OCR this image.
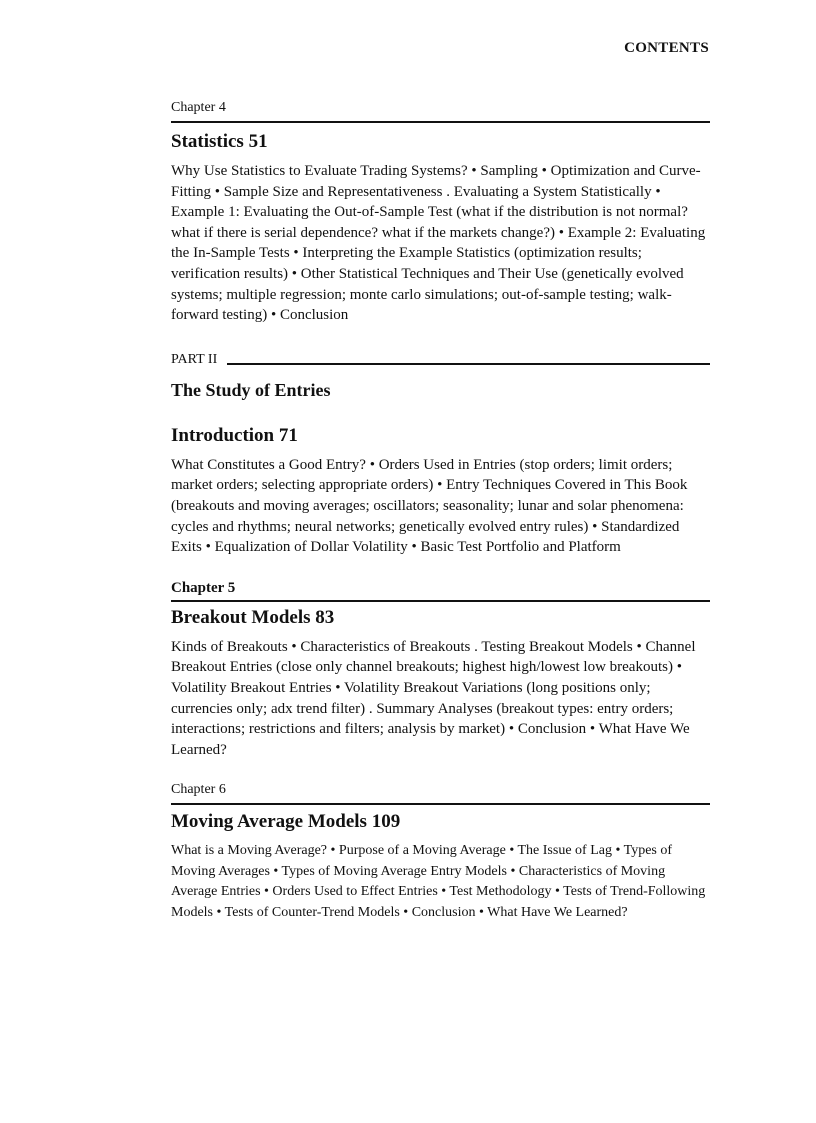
CONTENTS
Chapter 4
Statistics 51
Why Use Statistics to Evaluate Trading Systems? • Sampling • Optimization and Curve-Fitting • Sample Size and Representativeness . Evaluating a System Statistically • Example 1: Evaluating the Out-of-Sample Test (what if the distribution is not normal? what if there is serial dependence? what if the markets change?) • Example 2: Evaluating the In-Sample Tests • Interpreting the Example Statistics (optimization results; verification results) • Other Statistical Techniques and Their Use (genetically evolved systems; multiple regression; monte carlo simulations; out-of-sample testing; walk-forward testing) • Conclusion
PART II
The Study of Entries
Introduction 71
What Constitutes a Good Entry? • Orders Used in Entries (stop orders; limit orders; market orders; selecting appropriate orders) • Entry Techniques Covered in This Book (breakouts and moving averages; oscillators; seasonality; lunar and solar phenomena: cycles and rhythms; neural networks; genetically evolved entry rules) • Standardized Exits • Equalization of Dollar Volatility • Basic Test Portfolio and Platform
Chapter 5
Breakout Models 83
Kinds of Breakouts • Characteristics of Breakouts . Testing Breakout Models • Channel Breakout Entries (close only channel breakouts; highest high/lowest low breakouts) • Volatility Breakout Entries • Volatility Breakout Variations (long positions only; currencies only; adx trend filter) . Summary Analyses (breakout types: entry orders; interactions; restrictions and filters; analysis by market) • Conclusion • What Have We Learned?
Chapter 6
Moving Average Models 109
What is a Moving Average? • Purpose of a Moving Average • The Issue of Lag • Types of Moving Averages • Types of Moving Average Entry Models • Characteristics of Moving Average Entries • Orders Used to Effect Entries • Test Methodology • Tests of Trend-Following Models • Tests of Counter-Trend Models • Conclusion • What Have We Learned?
